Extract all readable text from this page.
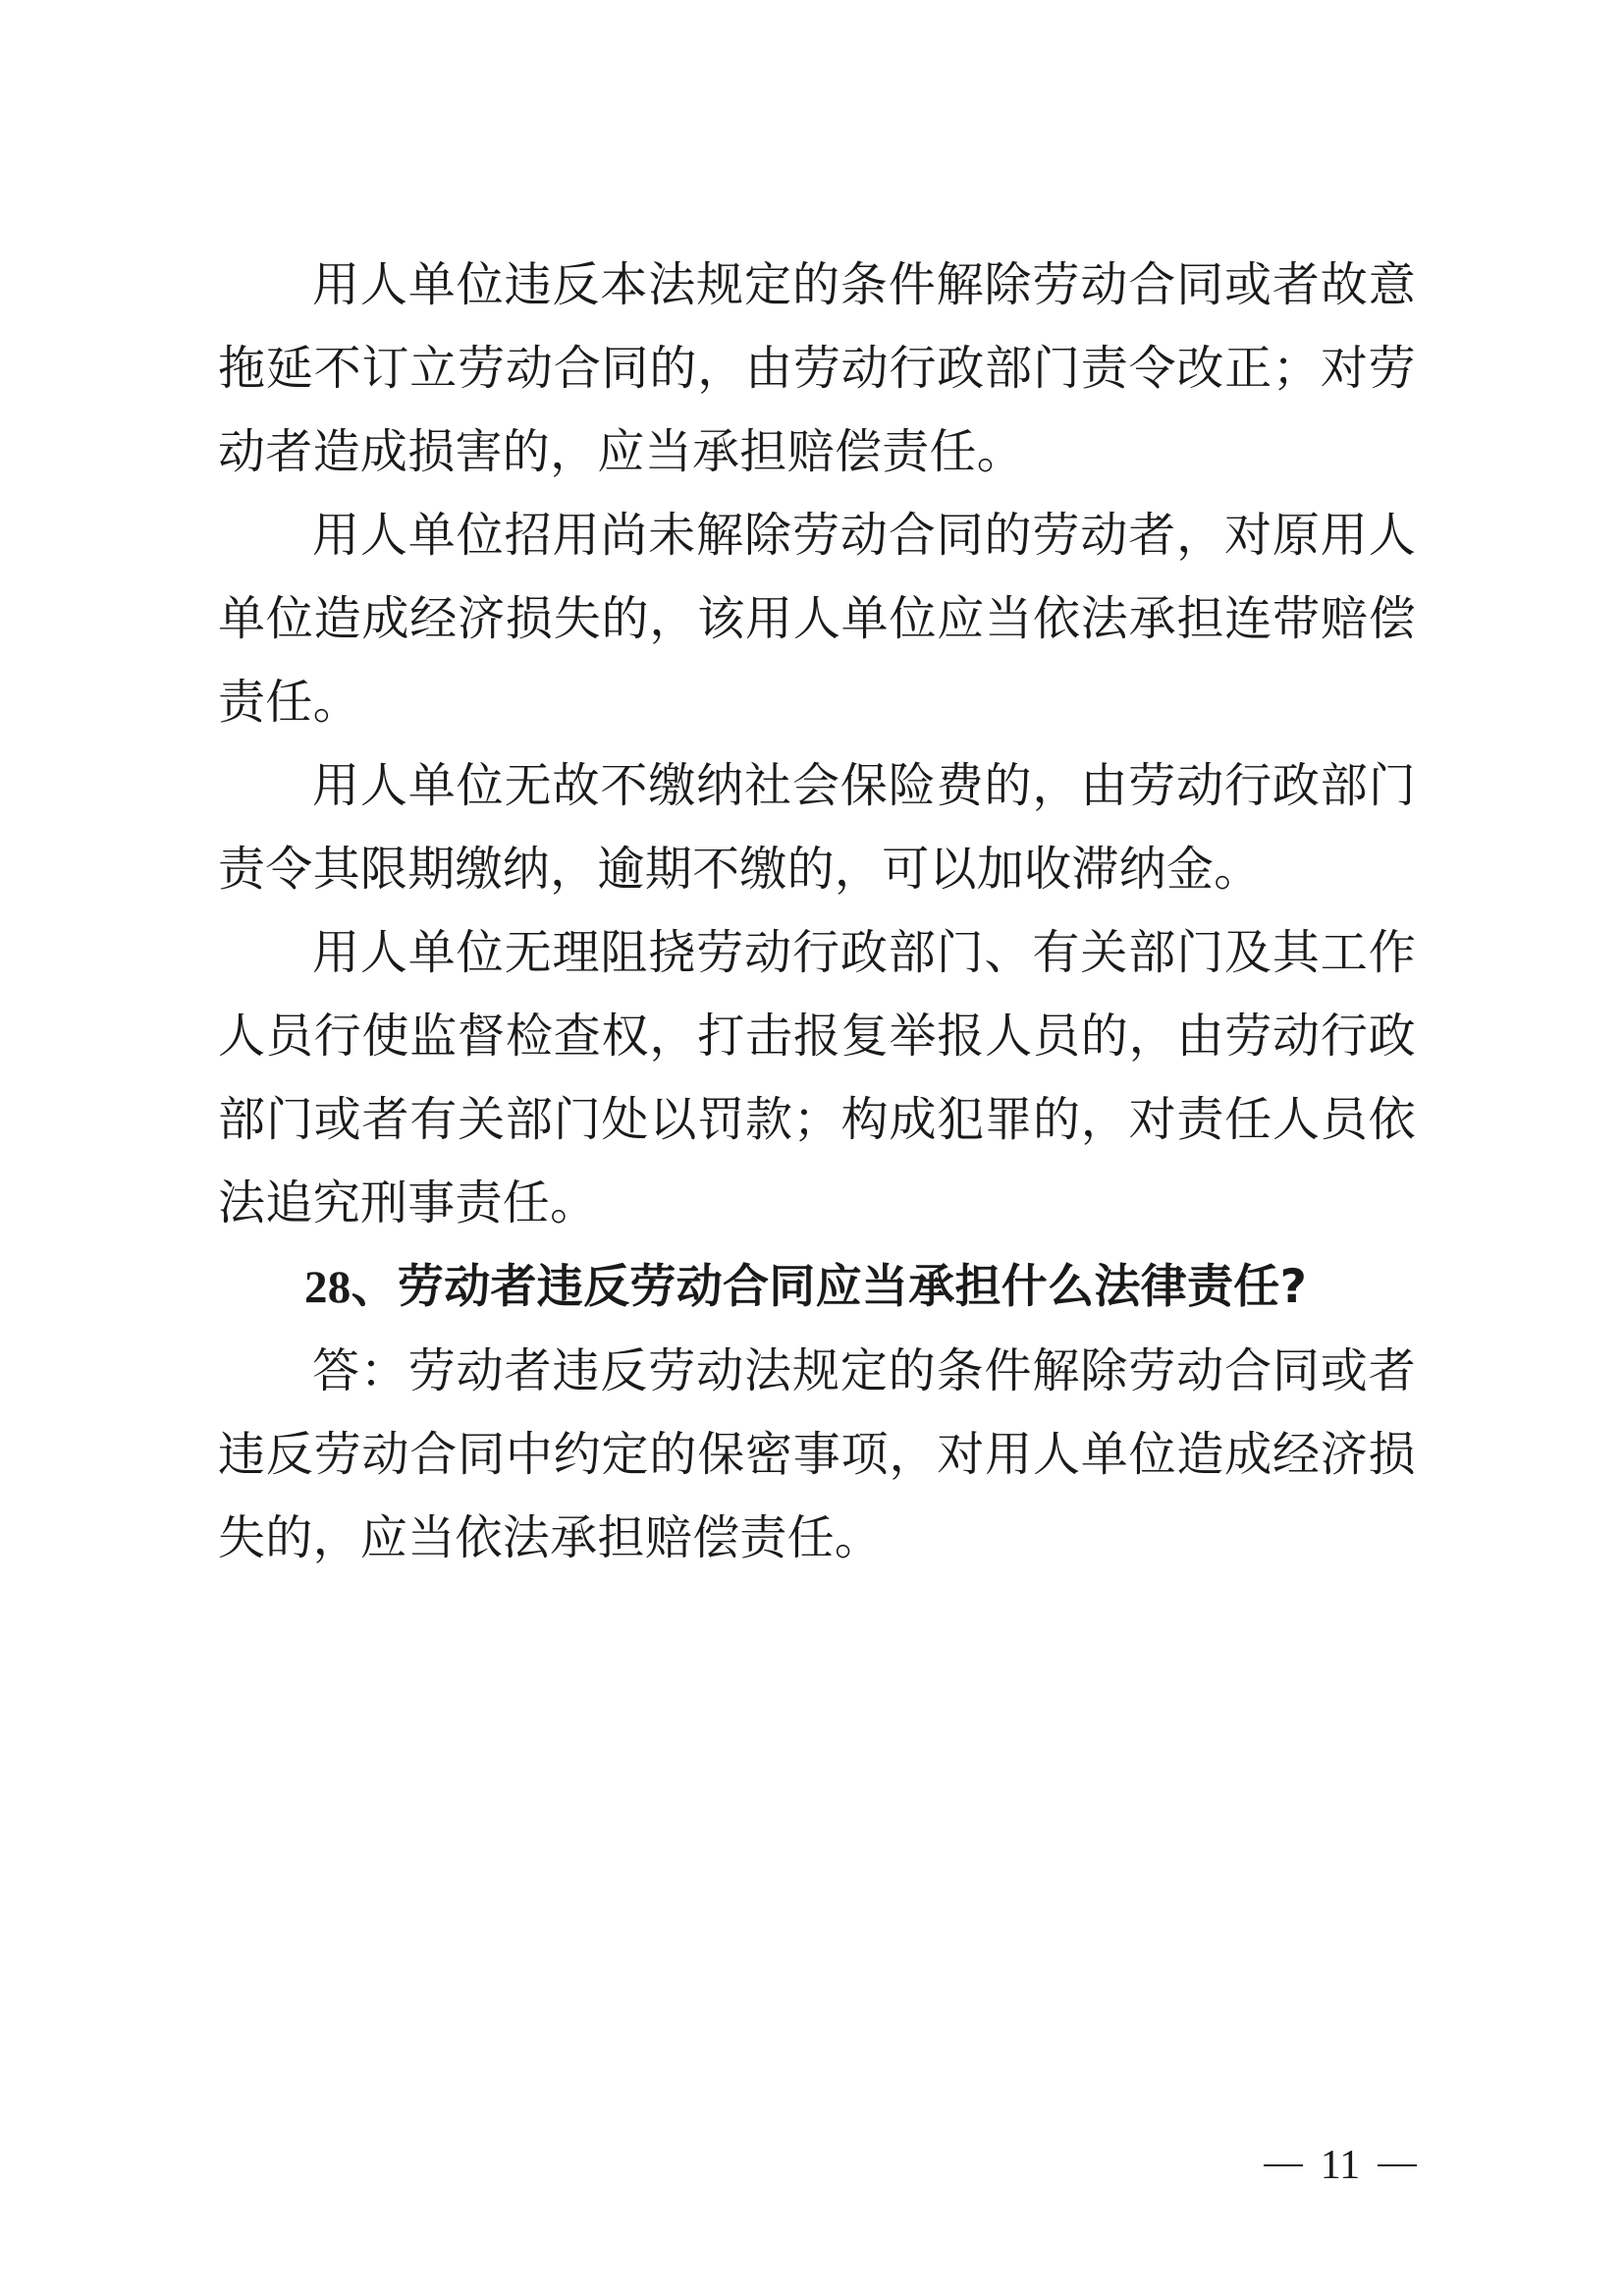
用人单位违反本法规定的条件解除劳动合同或者故意拖延不订立劳动合同的，由劳动行政部门责令改正；对劳动者造成损害的，应当承担赔偿责任。

用人单位招用尚未解除劳动合同的劳动者，对原用人单位造成经济损失的，该用人单位应当依法承担连带赔偿责任。

用人单位无故不缴纳社会保险费的，由劳动行政部门责令其限期缴纳，逾期不缴的，可以加收滞纳金。

用人单位无理阻挠劳动行政部门、有关部门及其工作人员行使监督检查权，打击报复举报人员的，由劳动行政部门或者有关部门处以罚款；构成犯罪的，对责任人员依法追究刑事责任。

28、劳动者违反劳动合同应当承担什么法律责任?

答：劳动者违反劳动法规定的条件解除劳动合同或者违反劳动合同中约定的保密事项，对用人单位造成经济损失的，应当依法承担赔偿责任。

11
